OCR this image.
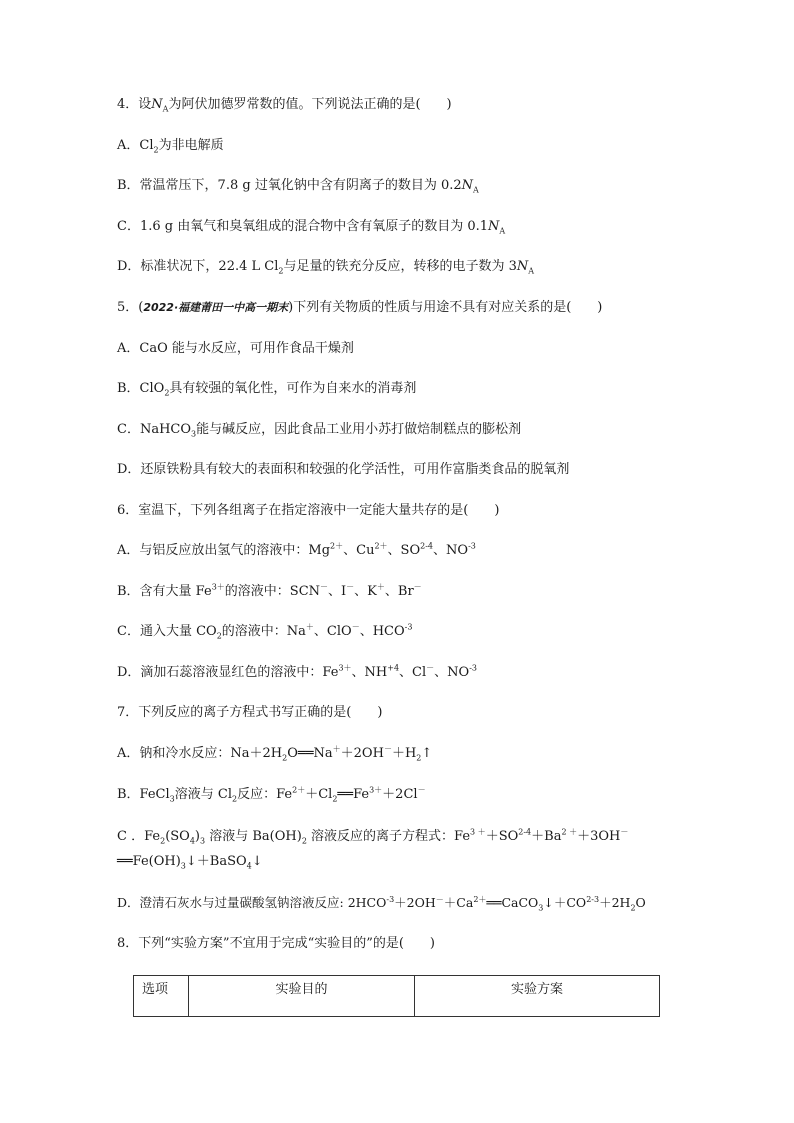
4．设$N_A$为阿伏加德罗常数的值。下列说法正确的是(　　)
A．$Cl_2$为非电解质
B．常温常压下，7.8 g 过氧化钠中含有阴离子的数目为 $0.2N_A$
C．1.6 g 由氧气和臭氧组成的混合物中含有氧原子的数目为 $0.1N_A$
D．标准状况下，22.4 L $Cl_2$与足量的铁充分反应，转移的电子数为 $3N_A$
5．(2022·福建莆田一中高一期末)下列有关物质的性质与用途不具有对应关系的是(　　)
A．CaO 能与水反应，可用作食品干燥剂
B．ClO$_2$具有较强的氧化性，可作为自来水的消毒剂
C．NaHCO$_3$能与碱反应，因此食品工业用小苏打做焙制糕点的膨松剂
D．还原铁粉具有较大的表面积和较强的化学活性，可用作富脂类食品的脱氧剂
6．室温下，下列各组离子在指定溶液中一定能大量共存的是(　　)
A．与铝反应放出氢气的溶液中：$Mg^{2+}$、$Cu^{2+}$、SO$^{2-4}$、$NO^{-3}$
B．含有大量 $Fe^{3+}$的溶液中：SCN－、I－、K＋、Br－
C．通入大量 $CO_2$的溶液中：Na＋、ClO－、$HCO^{-3}$
D．滴加石蕊溶液显红色的溶液中：$Fe^{3+}$、$NH^{+4}$、Cl－、$NO^{-3}$
7．下列反应的离子方程式书写正确的是(　　)
A．钠和冷水反应：$Na+2H_2O══Na^++2OH^-+H_2↑$
B．FeCl$_3$溶液与 $Cl_2$反应：$Fe^{2+}+Cl_2══Fe^{3+}+2Cl^-$
C ．$Fe_2(SO_4)_3$ 溶液与 $Ba(OH)_2$ 溶液反应的离子方程式：$Fe^{3 +}+SO^{2-4}+Ba^{2 +}+3OH^-$
$══Fe(OH)_3↓+BaSO_4↓$
D．澄清石灰水与过量碳酸氢钠溶液反应: $2HCO^{-3}+2OH^-+Ca^{2+}══CaCO_3↓+CO^{2-3}+2H_2O$
8．下列“实验方案”不宜用于完成“实验目的”的是(　　)
选项	实验目的	实验方案
